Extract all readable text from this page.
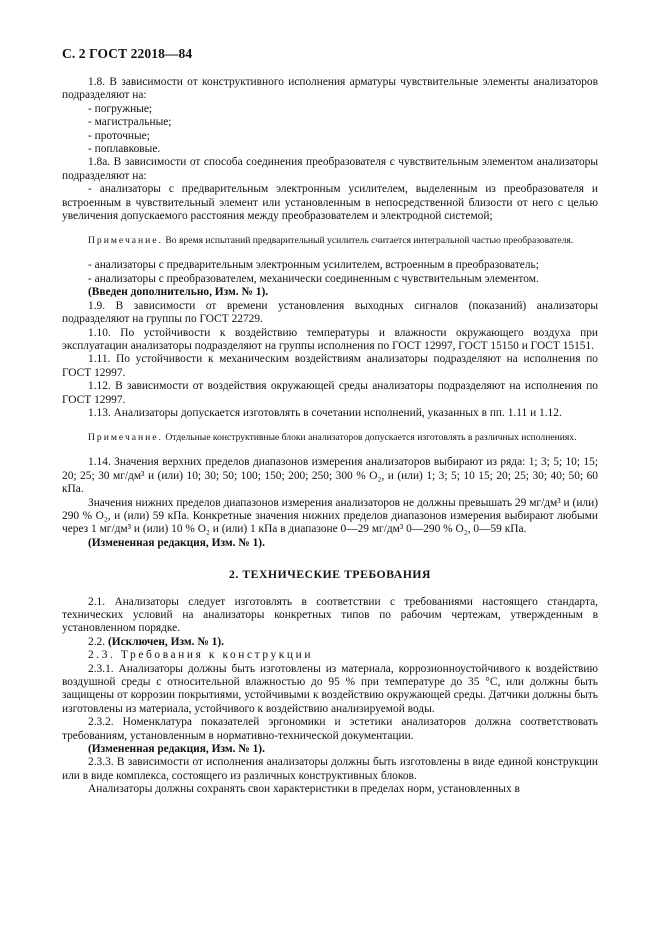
С. 2 ГОСТ 22018—84

1.8. В зависимости от конструктивного исполнения арматуры чувствительные элементы анализаторов подразделяют на:

- погружные;

- магистральные;

- проточные;

- поплавковые.

1.8а. В зависимости от способа соединения преобразователя с чувствительным элементом анализаторы подразделяют на:

- анализаторы с предварительным электронным усилителем, выделенным из преобразователя и встроенным в чувствительный элемент или установленным в непосредственной близости от него с целью увеличения допускаемого расстояния между преобразователем и электродной системой;

Примечание. Во время испытаний предварительный усилитель считается интегральной частью преобразователя.

- анализаторы с предварительным электронным усилителем, встроенным в преобразователь;

- анализаторы с преобразователем, механически соединенным с чувствительным элементом.

(Введен дополнительно, Изм. № 1).

1.9. В зависимости от времени установления выходных сигналов (показаний) анализаторы подразделяют на группы по ГОСТ 22729.

1.10. По устойчивости к воздействию температуры и влажности окружающего воздуха при эксплуатации анализаторы подразделяют на группы исполнения по ГОСТ 12997, ГОСТ 15150 и ГОСТ 15151.

1.11. По устойчивости к механическим воздействиям анализаторы подразделяют на исполнения по ГОСТ 12997.

1.12. В зависимости от воздействия окружающей среды анализаторы подразделяют на исполнения по ГОСТ 12997.

1.13. Анализаторы допускается изготовлять в сочетании исполнений, указанных в пп. 1.11 и 1.12.

Примечание. Отдельные конструктивные блоки анализаторов допускается изготовлять в различных исполнениях.

1.14. Значения верхних пределов диапазонов измерения анализаторов выбирают из ряда: 1; 3; 5; 10; 15; 20; 25; 30 мг/дм³ и (или) 10; 30; 50; 100; 150; 200; 250; 300 % O₂, и (или) 1; 3; 5; 10 15; 20; 25; 30; 40; 50; 60 кПа.

Значения нижних пределов диапазонов измерения анализаторов не должны превышать 29 мг/дм³ и (или) 290 % O₂, и (или) 59 кПа. Конкретные значения нижних пределов диапазонов измерения выбирают любыми через 1 мг/дм³ и (или) 10 % O₂ и (или) 1 кПа в диапазоне 0—29 мг/дм³ 0—290 % O₂, 0—59 кПа.

(Измененная редакция, Изм. № 1).

2. ТЕХНИЧЕСКИЕ ТРЕБОВАНИЯ

2.1. Анализаторы следует изготовлять в соответствии с требованиями настоящего стандарта, технических условий на анализаторы конкретных типов по рабочим чертежам, утвержденным в установленном порядке.

2.2. (Исключен, Изм. № 1).

2.3. Требования к конструкции

2.3.1. Анализаторы должны быть изготовлены из материала, коррозионноустойчивого к воздействию воздушной среды с относительной влажностью до 95 % при температуре до 35 °С, или должны быть защищены от коррозии покрытиями, устойчивыми к воздействию окружающей среды. Датчики должны быть изготовлены из материала, устойчивого к воздействию анализируемой воды.

2.3.2. Номенклатура показателей эргономики и эстетики анализаторов должна соответствовать требованиям, установленным в нормативно-технической документации.

(Измененная редакция, Изм. № 1).

2.3.3. В зависимости от исполнения анализаторы должны быть изготовлены в виде единой конструкции или в виде комплекса, состоящего из различных конструктивных блоков.

Анализаторы должны сохранять свои характеристики в пределах норм, установленных в
